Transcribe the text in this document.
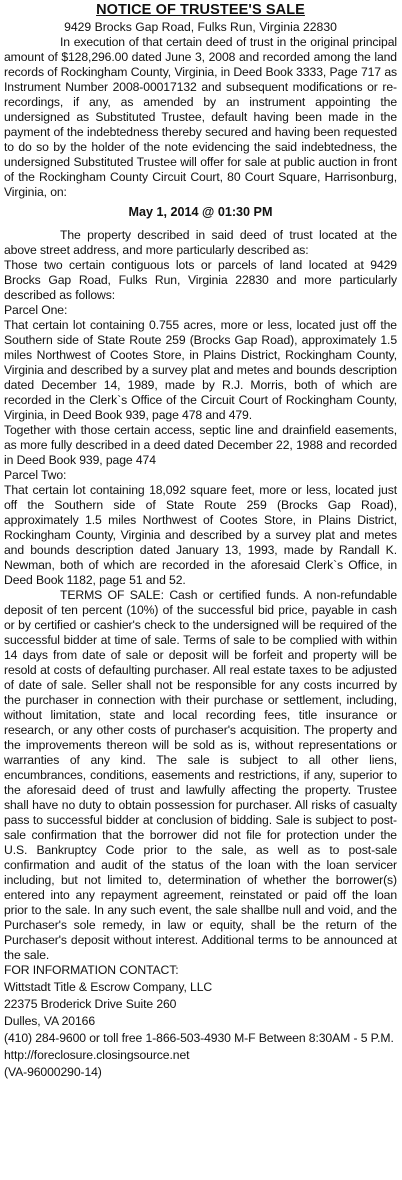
NOTICE OF TRUSTEE'S SALE
9429 Brocks Gap Road, Fulks Run, Virginia 22830

In execution of that certain deed of trust in the original principal amount of $128,296.00 dated June 3, 2008 and recorded among the land records of Rockingham County, Virginia, in Deed Book 3333, Page 717 as Instrument Number 2008-00017132 and subsequent modifications or re-recordings, if any, as amended by an instrument appointing the undersigned as Substituted Trustee, default having been made in the payment of the indebtedness thereby secured and having been requested to do so by the holder of the note evidencing the said indebtedness, the undersigned Substituted Trustee will offer for sale at public auction in front of the Rockingham County Circuit Court, 80 Court Square, Harrisonburg, Virginia, on:

May 1, 2014 @ 01:30 PM

The property described in said deed of trust located at the above street address, and more particularly described as:

Those two certain contiguous lots or parcels of land located at 9429 Brocks Gap Road, Fulks Run, Virginia 22830 and more particularly described as follows:

Parcel One:

That certain lot containing 0.755 acres, more or less, located just off the Southern side of State Route 259 (Brocks Gap Road), approximately 1.5 miles Northwest of Cootes Store, in Plains District, Rockingham County, Virginia and described by a survey plat and metes and bounds description dated December 14, 1989, made by R.J. Morris, both of which are recorded in the Clerk`s Office of the Circuit Court of Rockingham County, Virginia, in Deed Book 939, page 478 and 479.

Together with those certain access, septic line and drainfield easements, as more fully described in a deed dated December 22, 1988 and recorded in Deed Book 939, page 474

Parcel Two:

That certain lot containing 18,092 square feet, more or less, located just off the Southern side of State Route 259 (Brocks Gap Road), approximately 1.5 miles Northwest of Cootes Store, in Plains District, Rockingham County, Virginia and described by a survey plat and metes and bounds description dated January 13, 1993, made by Randall K. Newman, both of which are recorded in the aforesaid Clerk`s Office, in Deed Book 1182, page 51 and 52.

TERMS OF SALE: Cash or certified funds. A non-refundable deposit of ten percent (10%) of the successful bid price, payable in cash or by certified or cashier's check to the undersigned will be required of the successful bidder at time of sale. Terms of sale to be complied with within 14 days from date of sale or deposit will be forfeit and property will be resold at costs of defaulting purchaser. All real estate taxes to be adjusted of date of sale. Seller shall not be responsible for any costs incurred by the purchaser in connection with their purchase or settlement, including, without limitation, state and local recording fees, title insurance or research, or any other costs of purchaser's acquisition. The property and the improvements thereon will be sold as is, without representations or warranties of any kind. The sale is subject to all other liens, encumbrances, conditions, easements and restrictions, if any, superior to the aforesaid deed of trust and lawfully affecting the property. Trustee shall have no duty to obtain possession for purchaser. All risks of casualty pass to successful bidder at conclusion of bidding. Sale is subject to post-sale confirmation that the borrower did not file for protection under the U.S. Bankruptcy Code prior to the sale, as well as to post-sale confirmation and audit of the status of the loan with the loan servicer including, but not limited to, determination of whether the borrower(s) entered into any repayment agreement, reinstated or paid off the loan prior to the sale. In any such event, the sale shallbe null and void, and the Purchaser's sole remedy, in law or equity, shall be the return of the Purchaser's deposit without interest. Additional terms to be announced at the sale.

FOR INFORMATION CONTACT:

Wittstadt Title & Escrow Company, LLC

22375 Broderick Drive Suite 260

Dulles, VA 20166

(410) 284-9600 or toll free 1-866-503-4930 M-F Between 8:30AM - 5 P.M.

http://foreclosure.closingsource.net

(VA-96000290-14)
